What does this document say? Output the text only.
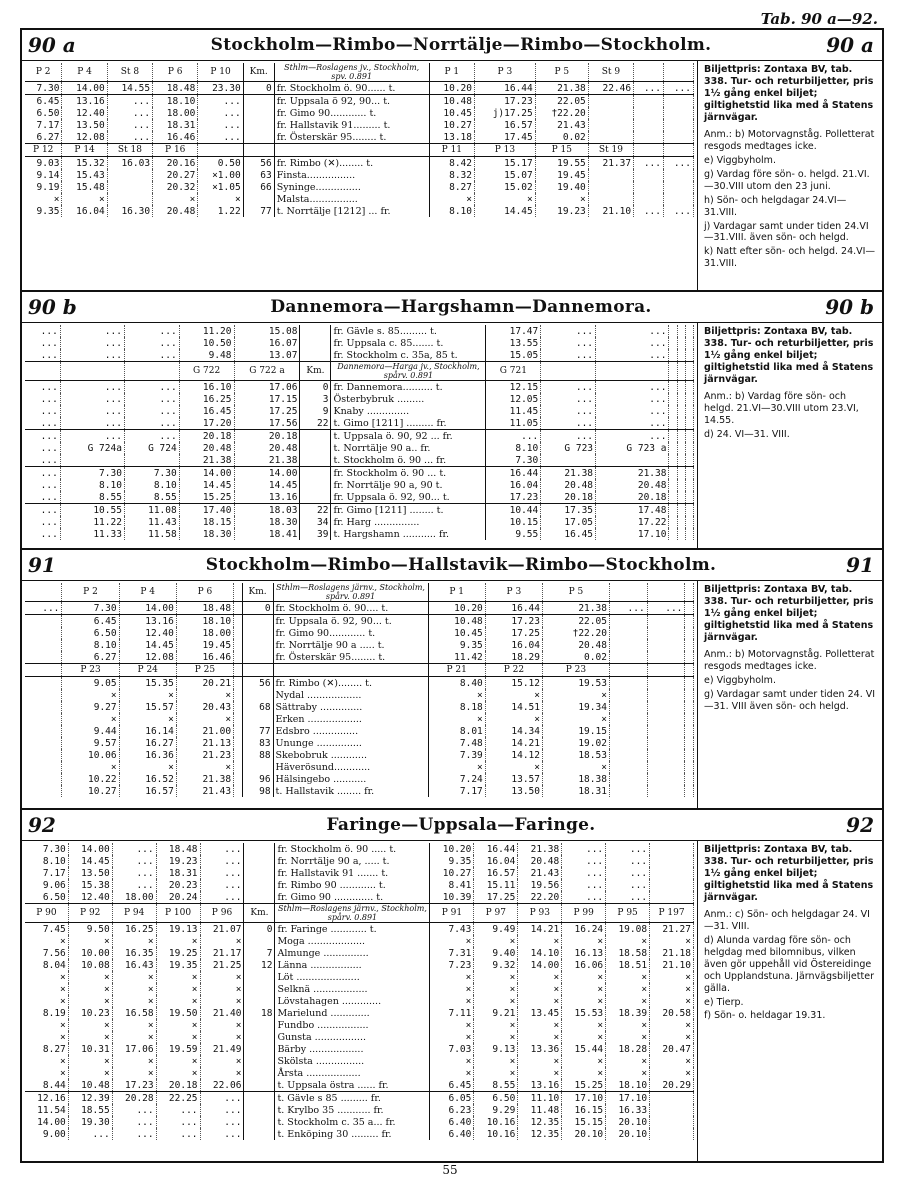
Tab. 90 a—92.
90 a	Stockholm—Rimbo—Norrtälje—Rimbo—Stockholm.	90 a
P 2	P 4	St 8	P 6	P 10	Km.	Sthlm—Roslagens jv., Stockholm, spv. 0.891	P 1	P 3	P 5	St 9		
7.30	14.00	14.55	18.48	23.30	0	fr. Stockholm ö. 90...... t.	10.20	16.44	21.38	22.46	...	...
6.45	13.16	...	18.10	...		fr. Uppsala ö 92, 90... t.	10.48	17.23	22.05			
6.50	12.40	...	18.00	...		fr. Gimo 90............ t.	10.45	j)17.25	†22.20			
7.17	13.50	...	18.31	...		fr. Hallstavik 91......... t.	10.27	16.57	21.43			
6.27	12.08	...	16.46	...		fr. Österskär 95........ t.	13.18	17.45	0.02			
P 12	P 14	St 18	P 16				P 11	P 13	P 15	St 19		
9.03	15.32	16.03	20.16	0.50	56	fr. Rimbo (✕)........ t.	8.42	15.17	19.55	21.37	...	...
9.14	15.43		20.27	×1.00	63	Finsta................	8.32	15.07	19.45			
9.19	15.48		20.32	×1.05	66	Syninge...............	8.27	15.02	19.40			
×	×		×	×		Malsta................	×	×	×			
9.35	16.04	16.30	20.48	1.22	77	t. Norrtälje [1212] ... fr.	8.10	14.45	19.23	21.10	...	...

Biljettpris: Zontaxa BV, tab. 338. Tur- och returbiljetter, pris 1½ gång enkel biljet; giltighetstid lika med å Statens järnvägar.

Anm.: b) Motorvagnståg. Polletterat resgods medtages icke.

e) Viggbyholm.

g) Vardag före sön- o. helgd. 21.VI.—30.VIII utom den 23 juni.

h) Sön- och helgdagar 24.VI—31.VIII.

j) Vardagar samt under tiden 24.VI—31.VIII. även sön- och helgd.

k) Natt efter sön- och helgd. 24.VI—31.VIII.

90 b	Dannemora—Hargshamn—Dannemora.	90 b
...	...	...	11.20	15.08		fr. Gävle s. 85......... t.	17.47	...	...			
...	...	...	10.50	16.07		fr. Uppsala c. 85....... t.	13.55	...	...			
...	...	...	9.48	13.07		fr. Stockholm c. 35a, 85 t.	15.05	...	...			
			G 722	G 722 a	Km.	Dannemora—Harga jv., Stockholm, spårv. 0.891	G 721					
...	...	...	16.10	17.06	0	fr. Dannemora.......... t.	12.15	...	...			
...	...	...	16.25	17.15	3	Österbybruk .........	12.05	...	...			
...	...	...	16.45	17.25	9	Knaby ..............	11.45	...	...			
...	...	...	17.20	17.56	22	t. Gimo [1211] ......... fr.	11.05	...	...			
...	...	...	20.18	20.18		t. Uppsala ö. 90, 92 ... fr.	...	...	...			
...	G 724a	G 724	20.48	20.48		t. Norrtälje 90 a.. fr.	8.10	G 723	G 723 a			
...			21.38	21.38		t. Stockholm ö. 90 ... fr.	7.30					
...	7.30	7.30	14.00	14.00		fr. Stockholm ö. 90 ... t.	16.44	21.38	21.38			
...	8.10	8.10	14.45	14.45		fr. Norrtälje 90 a, 90 t.	16.04	20.48	20.48			
...	8.55	8.55	15.25	13.16		fr. Uppsala ö. 92, 90... t.	17.23	20.18	20.18			
...	10.55	11.08	17.40	18.03	22	fr. Gimo [1211] ........ t.	10.44	17.35	17.48			
...	11.22	11.43	18.15	18.30	34	fr. Harg ...............	10.15	17.05	17.22			
...	11.33	11.58	18.30	18.41	39	t. Hargshamn ........... fr.	9.55	16.45	17.10			

Biljettpris: Zontaxa BV, tab. 338. Tur- och returbiljetter, pris 1½ gång enkel biljet; giltighetstid lika med å Statens järnvägar.

Anm.: b) Vardag före sön- och helgd. 21.VI—30.VIII utom 23.VI, 14.55.

d) 24. VI—31. VIII.

91	Stockholm—Rimbo—Hallstavik—Rimbo—Stockholm.	91
	P 2	P 4	P 6		Km.	Sthlm—Roslagens järnv., Stockholm, spårv. 0.891	P 1	P 3	P 5			
...	7.30	14.00	18.48		0	fr. Stockholm ö. 90.... t.	10.20	16.44	21.38	...	...	
	6.45	13.16	18.10			fr. Uppsala ö. 92, 90... t.	10.48	17.23	22.05			
	6.50	12.40	18.00			fr. Gimo 90............ t.	10.45	17.25	†22.20			
	8.10	14.45	19.45			fr. Norrtälje 90 a ..... t.	9.35	16.04	20.48			
	6.27	12.08	16.46			fr. Österskär 95........ t.	11.42	18.29	0.02			
	P 23	P 24	P 25				P 21	P 22	P 23			
	9.05	15.35	20.21		56	fr. Rimbo (✕)........ t.	8.40	15.12	19.53			
	×	×	×			Nydal ..................	×	×	×			
	9.27	15.57	20.43		68	Sättraby ..............	8.18	14.51	19.34			
	×	×	×			Erken ..................	×	×	×			
	9.44	16.14	21.00		77	Edsbro ...............	8.01	14.34	19.15			
	9.57	16.27	21.13		83	Ununge ...............	7.48	14.21	19.02			
	10.06	16.36	21.23		88	Skebobruk ............	7.39	14.12	18.53			
	×	×	×			Häverösund............	×	×	×			
	10.22	16.52	21.38		96	Hälsingebo ...........	7.24	13.57	18.38			
	10.27	16.57	21.43		98	t. Hallstavik ........ fr.	7.17	13.50	18.31			

Biljettpris: Zontaxa BV, tab. 338. Tur- och returbiljetter, pris 1½ gång enkel biljet; giltighetstid lika med å Statens järnvägar.

Anm.: b) Motorvagnståg. Polletterat resgods medtages icke.

e) Viggbyholm.

g) Vardagar samt under tiden 24. VI—31. VIII även sön- och helgd.

92	Faringe—Uppsala—Faringe.	92
7.30	14.00	...	18.48	...		fr. Stockholm ö. 90 ..... t.	10.20	16.44	21.38	...	...	
8.10	14.45	...	19.23	...		fr. Norrtälje 90 a, ..... t.	9.35	16.04	20.48	...	...	
7.17	13.50	...	18.31	...		fr. Hallstavik 91 ....... t.	10.27	16.57	21.43	...	...	
9.06	15.38	...	20.23	...		fr. Rimbo 90 ............ t.	8.41	15.11	19.56	...	...	
6.50	12.40	18.00	20.24	...		fr. Gimo 90 ............. t.	10.39	17.25	22.20	...	...	
P 90	P 92	P 94	P 100	P 96	Km.	Sthlm—Roslagens järnv., Stockholm, spårv. 0.891	P 91	P 97	P 93	P 99	P 95	P 197
7.45	9.50	16.25	19.13	21.07	0	fr. Faringe ............ t.	7.43	9.49	14.21	16.24	19.08	21.27
×	×	×	×	×		Moga ...................	×	×	×	×	×	×
7.56	10.00	16.35	19.25	21.17	7	Almunge ...............	7.31	9.40	14.10	16.13	18.58	21.18
8.04	10.08	16.43	19.35	21.25	12	Länna .................	7.23	9.32	14.00	16.06	18.51	21.10
×	×	×	×	×		Löt .....................	×	×	×	×	×	×
×	×	×	×	×		Selknä ..................	×	×	×	×	×	×
×	×	×	×	×		Lövstahagen .............	×	×	×	×	×	×
8.19	10.23	16.58	19.50	21.40	18	Marielund .............	7.11	9.21	13.45	15.53	18.39	20.58
×	×	×	×	×		Fundbo .................	×	×	×	×	×	×
×	×	×	×	×		Gunsta .................	×	×	×	×	×	×
8.27	10.31	17.06	19.59	21.49		Bärby ..................	7.03	9.13	13.36	15.44	18.28	20.47
×	×	×	×	×		Skölsta ................	×	×	×	×	×	×
×	×	×	×	×		Årsta ..................	×	×	×	×	×	×
8.44	10.48	17.23	20.18	22.06		t. Uppsala östra ...... fr.	6.45	8.55	13.16	15.25	18.10	20.29
12.16	12.39	20.28	22.25	...		t. Gävle s 85 ......... fr.	6.05	6.50	11.10	17.10	17.10	
11.54	18.55	...	...	...		t. Krylbo 35 ........... fr.	6.23	9.29	11.48	16.15	16.33	
14.00	19.30	...	...	...		t. Stockholm c. 35 a... fr.	6.40	10.16	12.35	15.15	20.10	
9.00	...	...	...	...		t. Enköping 30 ......... fr.	6.40	10.16	12.35	20.10	20.10	

Biljettpris: Zontaxa BV, tab. 338. Tur- och returbiljetter, pris 1½ gång enkel biljet; giltighetstid lika med å Statens järnvägar.

Anm.: c) Sön- och helgdagar 24. VI—31. VIII.

d) Alunda vardag före sön- och helgdag med bilomnibus, vilken även gör uppehåll vid Östereidinge och Upplandstuna. Järnvägsbiljetter gälla.

e) Tierp.

f) Sön- o. heldagar 19.31.

55
